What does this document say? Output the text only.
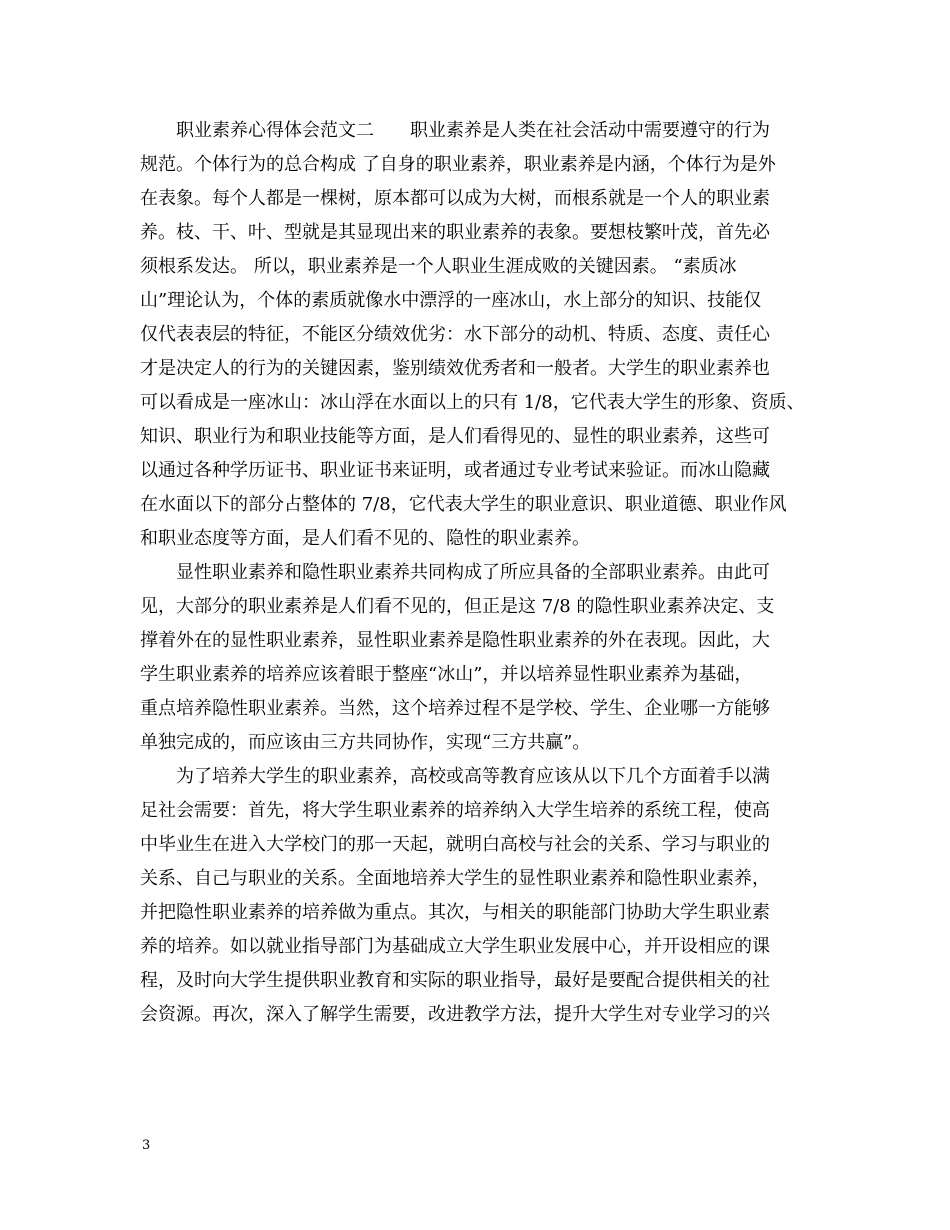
　　职业素养心得体会范文二　　职业素养是人类在社会活动中需要遵守的行为
规范。个体行为的总合构成 了自身的职业素养，职业素养是内涵，个体行为是外
在表象。每个人都是一棵树，原本都可以成为大树，而根系就是一个人的职业素
养。枝、干、叶、型就是其显现出来的职业素养的表象。要想枝繁叶茂，首先必
须根系发达。 所以，职业素养是一个人职业生涯成败的关键因素。 “素质冰
山”理论认为，个体的素质就像水中漂浮的一座冰山，水上部分的知识、技能仅
仅代表表层的特征，不能区分绩效优劣：水下部分的动机、特质、态度、责任心
才是决定人的行为的关键因素，鉴别绩效优秀者和一般者。大学生的职业素养也
可以看成是一座冰山：冰山浮在水面以上的只有 1/8，它代表大学生的形象、资质、
知识、职业行为和职业技能等方面，是人们看得见的、显性的职业素养，这些可
以通过各种学历证书、职业证书来证明，或者通过专业考试来验证。而冰山隐藏
在水面以下的部分占整体的 7/8，它代表大学生的职业意识、职业道德、职业作风
和职业态度等方面，是人们看不见的、隐性的职业素养。
　　显性职业素养和隐性职业素养共同构成了所应具备的全部职业素养。由此可
见，大部分的职业素养是人们看不见的，但正是这 7/8 的隐性职业素养决定、支
撑着外在的显性职业素养，显性职业素养是隐性职业素养的外在表现。因此，大
学生职业素养的培养应该着眼于整座“冰山”，并以培养显性职业素养为基础，
重点培养隐性职业素养。当然，这个培养过程不是学校、学生、企业哪一方能够
单独完成的，而应该由三方共同协作，实现“三方共赢”。
　　为了培养大学生的职业素养，高校或高等教育应该从以下几个方面着手以满
足社会需要：首先，将大学生职业素养的培养纳入大学生培养的系统工程，使高
中毕业生在进入大学校门的那一天起，就明白高校与社会的关系、学习与职业的
关系、自己与职业的关系。全面地培养大学生的显性职业素养和隐性职业素养，
并把隐性职业素养的培养做为重点。其次，与相关的职能部门协助大学生职业素
养的培养。如以就业指导部门为基础成立大学生职业发展中心，并开设相应的课
程，及时向大学生提供职业教育和实际的职业指导，最好是要配合提供相关的社
会资源。再次，深入了解学生需要，改进教学方法，提升大学生对专业学习的兴
3
